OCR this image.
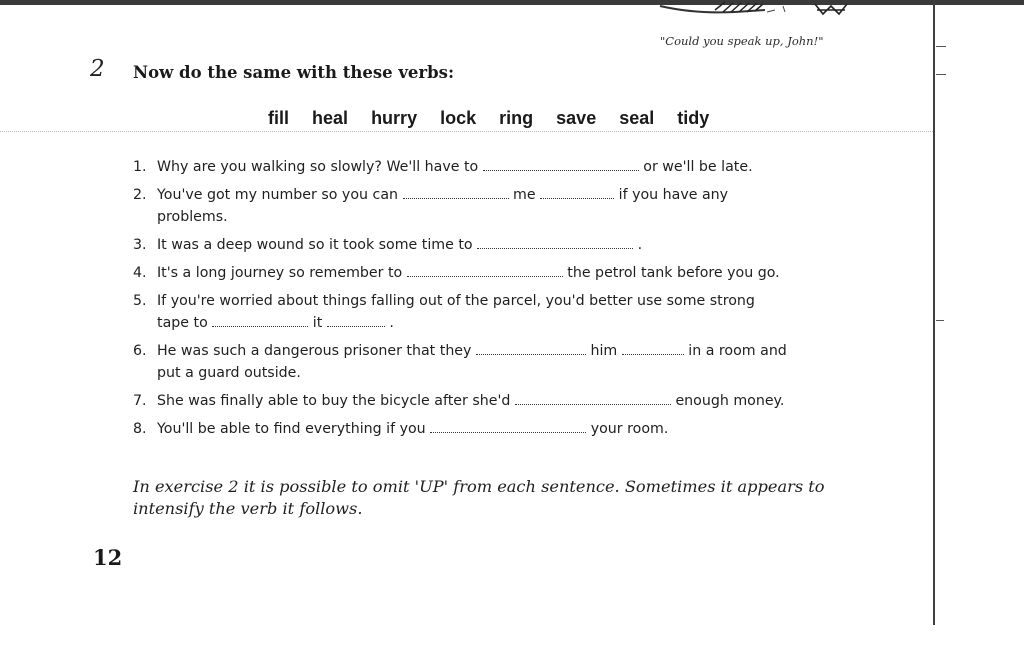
"Could you speak up, John!"
2 Now do the same with these verbs:
fill heal hurry lock ring save seal tidy
1. Why are you walking so slowly? We'll have to	or we'll be late.
2. You've got my number so you can	me	if you have any
problems.
3. It was a deep wound so it took some time to	.
4. It's a long journey so remember to	the petrol tank before you go.
5. If you're worried about things falling out of the parcel, you'd better use some strong
tape to	it	.
6. He was such a dangerous prisoner that they	him	in a room and
put a guard outside.
7. She was finally able to buy the bicycle after she'd	enough money.
8. You'll be able to find everything if you	your room.
In exercise 2 it is possible to omit 'UP' from each sentence. Sometimes it appears to intensify the verb it follows.
12
